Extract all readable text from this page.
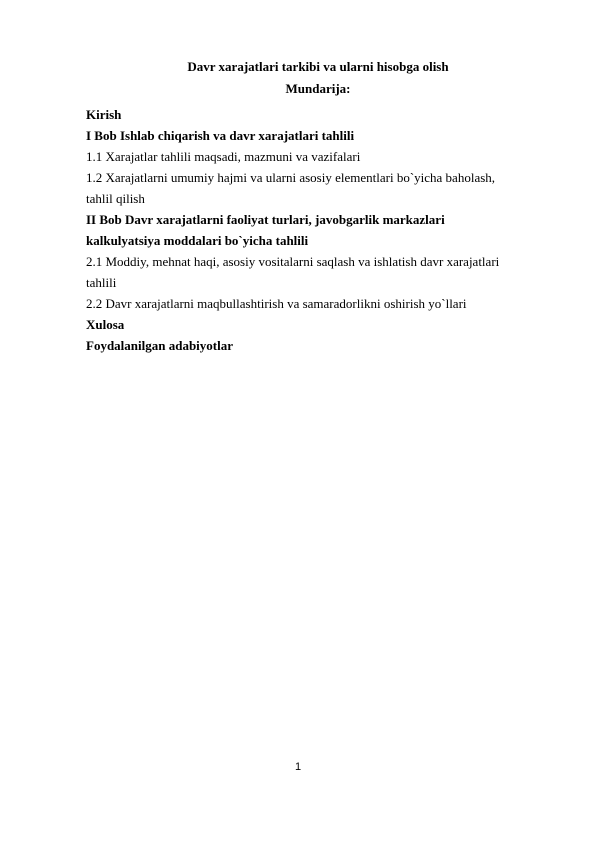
Davr xarajatlari tarkibi va ularni hisobga olish
Mundarija:
Kirish
I Bob Ishlab chiqarish va davr xarajatlari tahlili
1.1 Xarajatlar tahlili maqsadi, mazmuni va vazifalari
1.2 Xarajatlarni umumiy hajmi va ularni asosiy elementlari bo`yicha baholash,
tahlil qilish
II Bob Davr xarajatlarni faoliyat turlari, javobgarlik markazlari
kalkulyatsiya moddalari bo`yicha tahlili
2.1 Moddiy, mehnat haqi, asosiy vositalarni saqlash va ishlatish davr xarajatlari
tahlili
2.2 Davr xarajatlarni maqbullashtirish va samaradorlikni oshirish yo`llari
Xulosa
Foydalanilgan adabiyotlar
1
